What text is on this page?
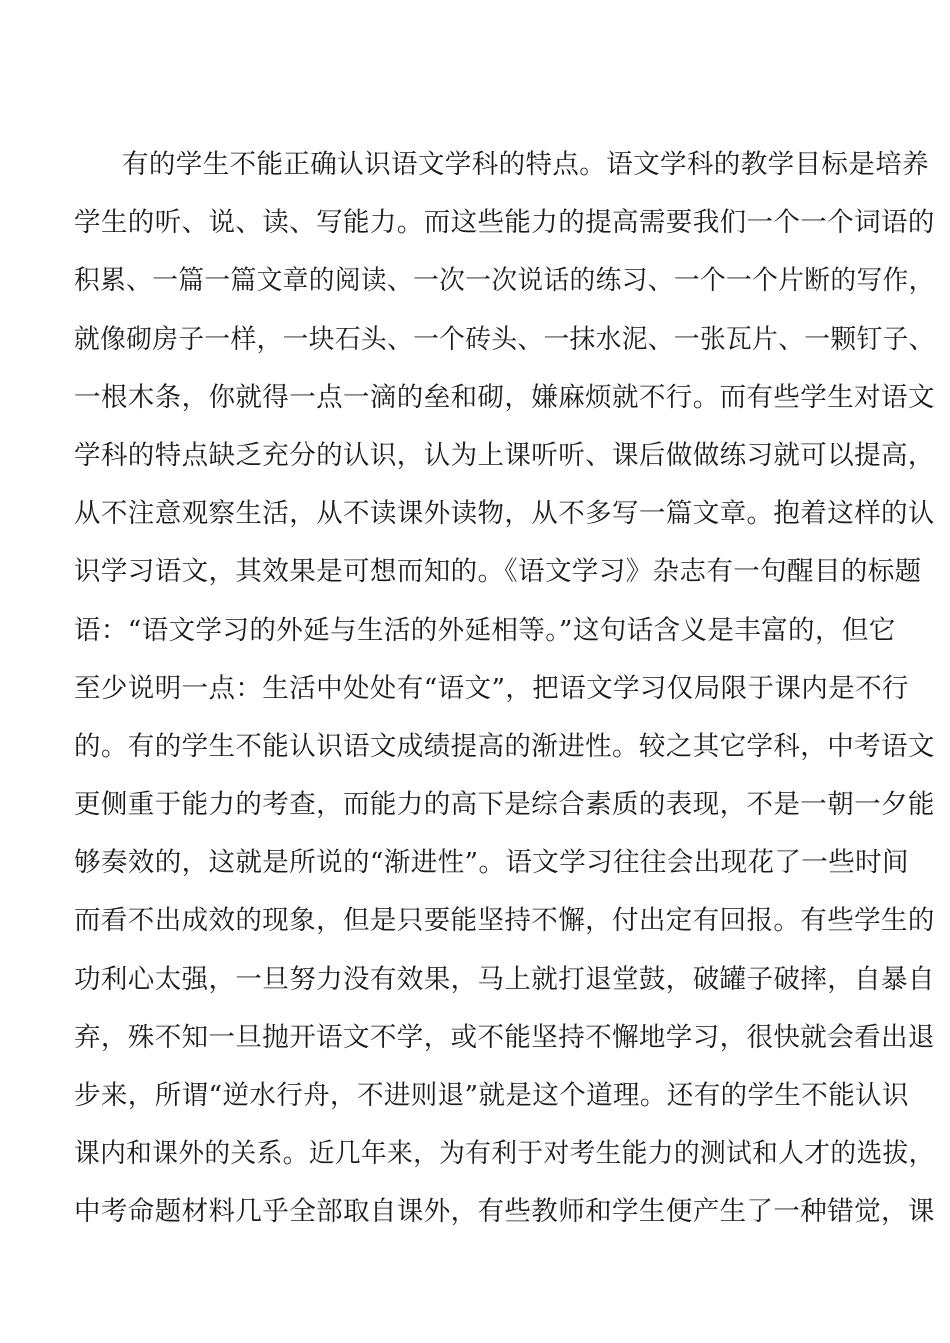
有的学生不能正确认识语文学科的特点。语文学科的教学目标是培养
学生的听、说、读、写能力。而这些能力的提高需要我们一个一个词语的
积累、一篇一篇文章的阅读、一次一次说话的练习、一个一个片断的写作，
就像砌房子一样，一块石头、一个砖头、一抹水泥、一张瓦片、一颗钉子、
一根木条，你就得一点一滴的垒和砌，嫌麻烦就不行。而有些学生对语文
学科的特点缺乏充分的认识，认为上课听听、课后做做练习就可以提高，
从不注意观察生活，从不读课外读物，从不多写一篇文章。抱着这样的认
识学习语文，其效果是可想而知的。《语文学习》杂志有一句醒目的标题
语：“语文学习的外延与生活的外延相等。”这句话含义是丰富的，但它
至少说明一点：生活中处处有“语文”，把语文学习仅局限于课内是不行
的。有的学生不能认识语文成绩提高的渐进性。较之其它学科，中考语文
更侧重于能力的考查，而能力的高下是综合素质的表现，不是一朝一夕能
够奏效的，这就是所说的“渐进性”。语文学习往往会出现花了一些时间
而看不出成效的现象，但是只要能坚持不懈，付出定有回报。有些学生的
功利心太强，一旦努力没有效果，马上就打退堂鼓，破罐子破摔，自暴自
弃，殊不知一旦抛开语文不学，或不能坚持不懈地学习，很快就会看出退
步来，所谓“逆水行舟，不进则退”就是这个道理。还有的学生不能认识
课内和课外的关系。近几年来，为有利于对考生能力的测试和人才的选拔，
中考命题材料几乎全部取自课外，有些教师和学生便产生了一种错觉，课
